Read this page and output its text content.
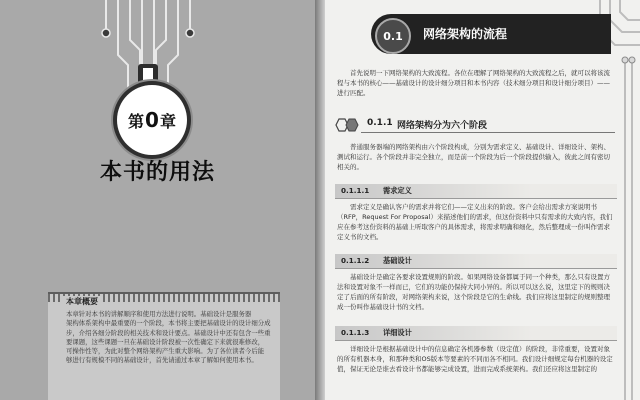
第 0 章
本书的用法
本章概要
本章针对本书的讲解顺序和使用方法进行说明。基础设计是服务器
架构体系架构中最重要的一个阶段，本书将主要把基础设计的设计细分成
步，介绍各细分阶段的相关技术和设计要点。基础设计中还有包含一些重
要课题，这些课题一旦在基础设计阶段被一次性确定下来就很难修改，
可操作性等，为此对整个网络架构产生重大影响。为了各位读者今后能
够进行有规模不同的基础设计，首先请通过本章了解如何使用本书。
0.1	网络架构的流程
首先说明一下网络架构的大致流程。各位在理解了网络架构的大致流程之后，就可以将该流程与本书的核心——基础设计的设计细分项目和本书内容（技术细分项目和设计细分项目）——进行匹配。
0.1.1 网络架构分为六个阶段
普通服务器端的网络架构由六个阶段构成，分别为需求定义、基础设计、详细设计、架构、测试和运行。各个阶段并非完全独立，而是前一个阶段为后一个阶段提供输入，彼此之间有密切相关的。
0.1.1.1 需求定义
需求定义是确认客户的需求并将它们——定义出来的阶段。客户会给出需求方案说明书（RFP，Request For Proposal）来描述他们的需求，但这份资料中只有需求的大致内容，我们应在参考这份资料的基础上听取客户的具体需求，将需求明确和细化，然后整理成一份叫作需求定义书的文档。
0.1.1.2 基础设计
基础设计是确定各要求设置规则的阶段。如果网络设备都属于同一个种类，那么只有设置方法和设置对象不一样而已，它们的功能仍保持大同小异的。所以可以这么说，这里定下的规则决定了后面的所有阶段，对网络架构来说，这个阶段是它的生命线。我们应将这里制定的规则整理成一份叫作基础设计书的文档。
0.1.1.3 详细设计
详细设计是根据基础设计中的信息确定各机器参数（设定值）的阶段，非常重要，设置对象的所有机器本身，和那种类和OS版本等要素的不同而各不相同。我们设计细规定每台机器的设定值，保证无论是谁去看设计书都能够完成设置，进而完成系统架构。我们还应将这里制定的
